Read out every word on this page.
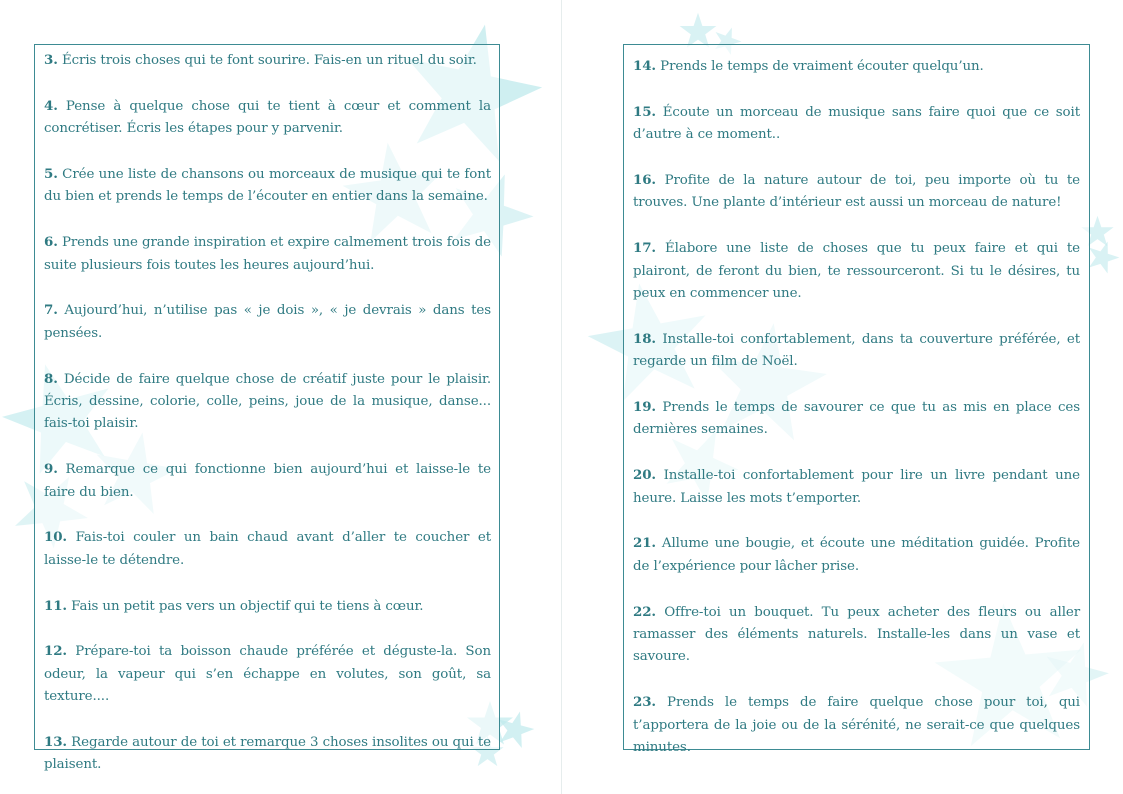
3. Écris trois choses qui te font sourire. Fais-en un rituel du soir.
4. Pense à quelque chose qui te tient à cœur et comment la concrétiser. Écris les étapes pour y parvenir.
5. Crée une liste de chansons ou morceaux de musique qui te font du bien et prends le temps de l’écouter en entier dans la semaine.
6. Prends une grande inspiration et expire calmement trois fois de suite plusieurs fois toutes les heures aujourd’hui.
7. Aujourd’hui, n’utilise pas « je dois », « je devrais » dans tes pensées.
8. Décide de faire quelque chose de créatif juste pour le plaisir. Écris, dessine, colorie, colle, peins, joue de la musique, danse... fais-toi plaisir.
9. Remarque ce qui fonctionne bien aujourd’hui et laisse-le te faire du bien.
10. Fais-toi couler un bain chaud avant d’aller te coucher et laisse-le te détendre.
11. Fais un petit pas vers un objectif qui te tiens à cœur.
12. Prépare-toi ta boisson chaude préférée et déguste-la. Son odeur, la vapeur qui s’en échappe en volutes, son goût, sa texture....
13. Regarde autour de toi et remarque 3 choses insolites ou qui te plaisent.
14. Prends le temps de vraiment écouter quelqu’un.
15. Écoute un morceau de musique sans faire quoi que ce soit d’autre à ce moment..
16. Profite de la nature autour de toi, peu importe où tu te trouves. Une plante d’intérieur est aussi un morceau de nature!
17. Élabore une liste de choses que tu peux faire et qui te plairont, de feront du bien, te ressourceront. Si tu le désires, tu peux en commencer une.
18. Installe-toi confortablement, dans ta couverture préférée, et regarde un film de Noël.
19. Prends le temps de savourer ce que tu as mis en place ces dernières semaines.
20. Installe-toi confortablement pour lire un livre pendant une heure. Laisse les mots t’emporter.
21. Allume une bougie, et écoute une méditation guidée. Profite de l’expérience pour lâcher prise.
22. Offre-toi un bouquet. Tu peux acheter des fleurs ou aller ramasser des éléments naturels. Installe-les dans un vase et savoure.
23. Prends le temps de faire quelque chose pour toi, qui t’apportera de la joie ou de la sérénité, ne serait-ce que quelques minutes.
